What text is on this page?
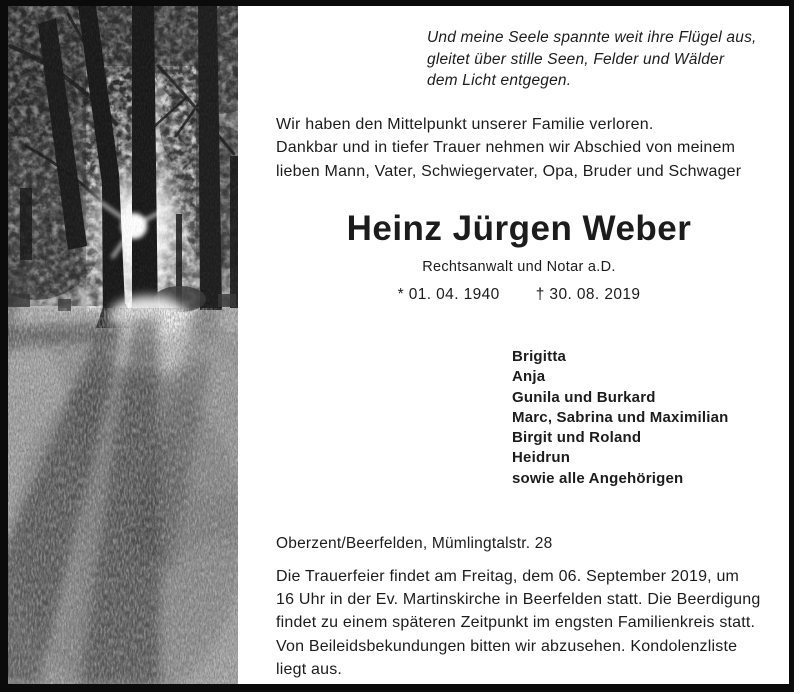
Und meine Seele spannte weit ihre Flügel aus,
gleitet über stille Seen, Felder und Wälder
dem Licht entgegen.
Wir haben den Mittelpunkt unserer Familie verloren.
Dankbar und in tiefer Trauer nehmen wir Abschied von meinem
lieben Mann, Vater, Schwiegervater, Opa, Bruder und Schwager
Heinz Jürgen Weber
Rechtsanwalt und Notar a.D.
* 01. 04. 1940 † 30. 08. 2019
Brigitta
Anja
Gunila und Burkard
Marc, Sabrina und Maximilian
Birgit und Roland
Heidrun
sowie alle Angehörigen
Oberzent/Beerfelden, Mümlingtalstr. 28
Die Trauerfeier findet am Freitag, dem 06. September 2019, um
16 Uhr in der Ev. Martinskirche in Beerfelden statt. Die Beerdigung
findet zu einem späteren Zeitpunkt im engsten Familienkreis statt.
Von Beileidsbekundungen bitten wir abzusehen. Kondolenzliste
liegt aus.
